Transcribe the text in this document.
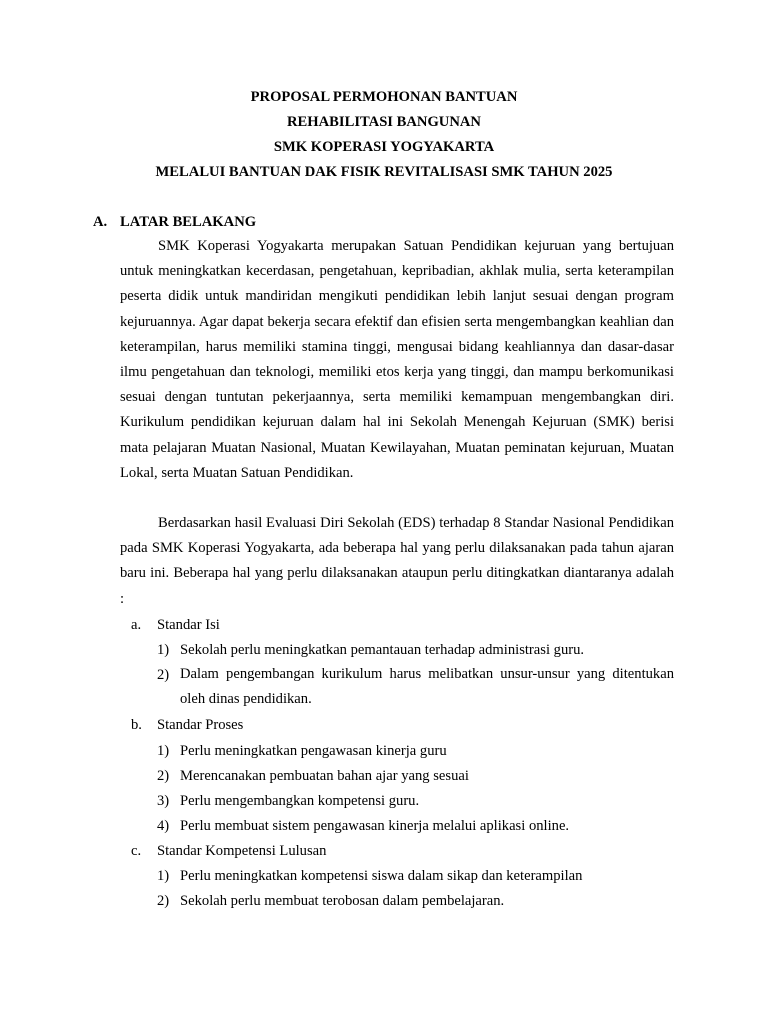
PROPOSAL PERMOHONAN BANTUAN
REHABILITASI BANGUNAN
SMK KOPERASI YOGYAKARTA
MELALUI BANTUAN DAK FISIK REVITALISASI SMK TAHUN 2025
A. LATAR BELAKANG

SMK Koperasi Yogyakarta merupakan Satuan Pendidikan kejuruan yang bertujuan untuk meningkatkan kecerdasan, pengetahuan, kepribadian, akhlak mulia, serta keterampilan peserta didik untuk mandiridan mengikuti pendidikan lebih lanjut sesuai dengan program kejuruannya. Agar dapat bekerja secara efektif dan efisien serta mengembangkan keahlian dan keterampilan, harus memiliki stamina tinggi, mengusai bidang keahliannya dan dasar-dasar ilmu pengetahuan dan teknologi, memiliki etos kerja yang tinggi, dan mampu berkomunikasi sesuai dengan tuntutan pekerjaannya, serta memiliki kemampuan mengembangkan diri. Kurikulum pendidikan kejuruan dalam hal ini Sekolah Menengah Kejuruan (SMK) berisi mata pelajaran Muatan Nasional, Muatan Kewilayahan, Muatan peminatan kejuruan, Muatan Lokal, serta Muatan Satuan Pendidikan.

Berdasarkan hasil Evaluasi Diri Sekolah (EDS) terhadap 8 Standar Nasional Pendidikan pada SMK Koperasi Yogyakarta, ada beberapa hal yang perlu dilaksanakan pada tahun ajaran baru ini. Beberapa hal yang perlu dilaksanakan ataupun perlu ditingkatkan diantaranya adalah :

a. Standar Isi
1) Sekolah perlu meningkatkan pemantauan terhadap administrasi guru.
2) Dalam pengembangan kurikulum harus melibatkan unsur-unsur yang ditentukan oleh dinas pendidikan.
b. Standar Proses
1) Perlu meningkatkan pengawasan kinerja guru
2) Merencanakan pembuatan bahan ajar yang sesuai
3) Perlu mengembangkan kompetensi guru.
4) Perlu membuat sistem pengawasan kinerja melalui aplikasi online.
c. Standar Kompetensi Lulusan
1) Perlu meningkatkan kompetensi siswa dalam sikap dan keterampilan
2) Sekolah perlu membuat terobosan dalam pembelajaran.
